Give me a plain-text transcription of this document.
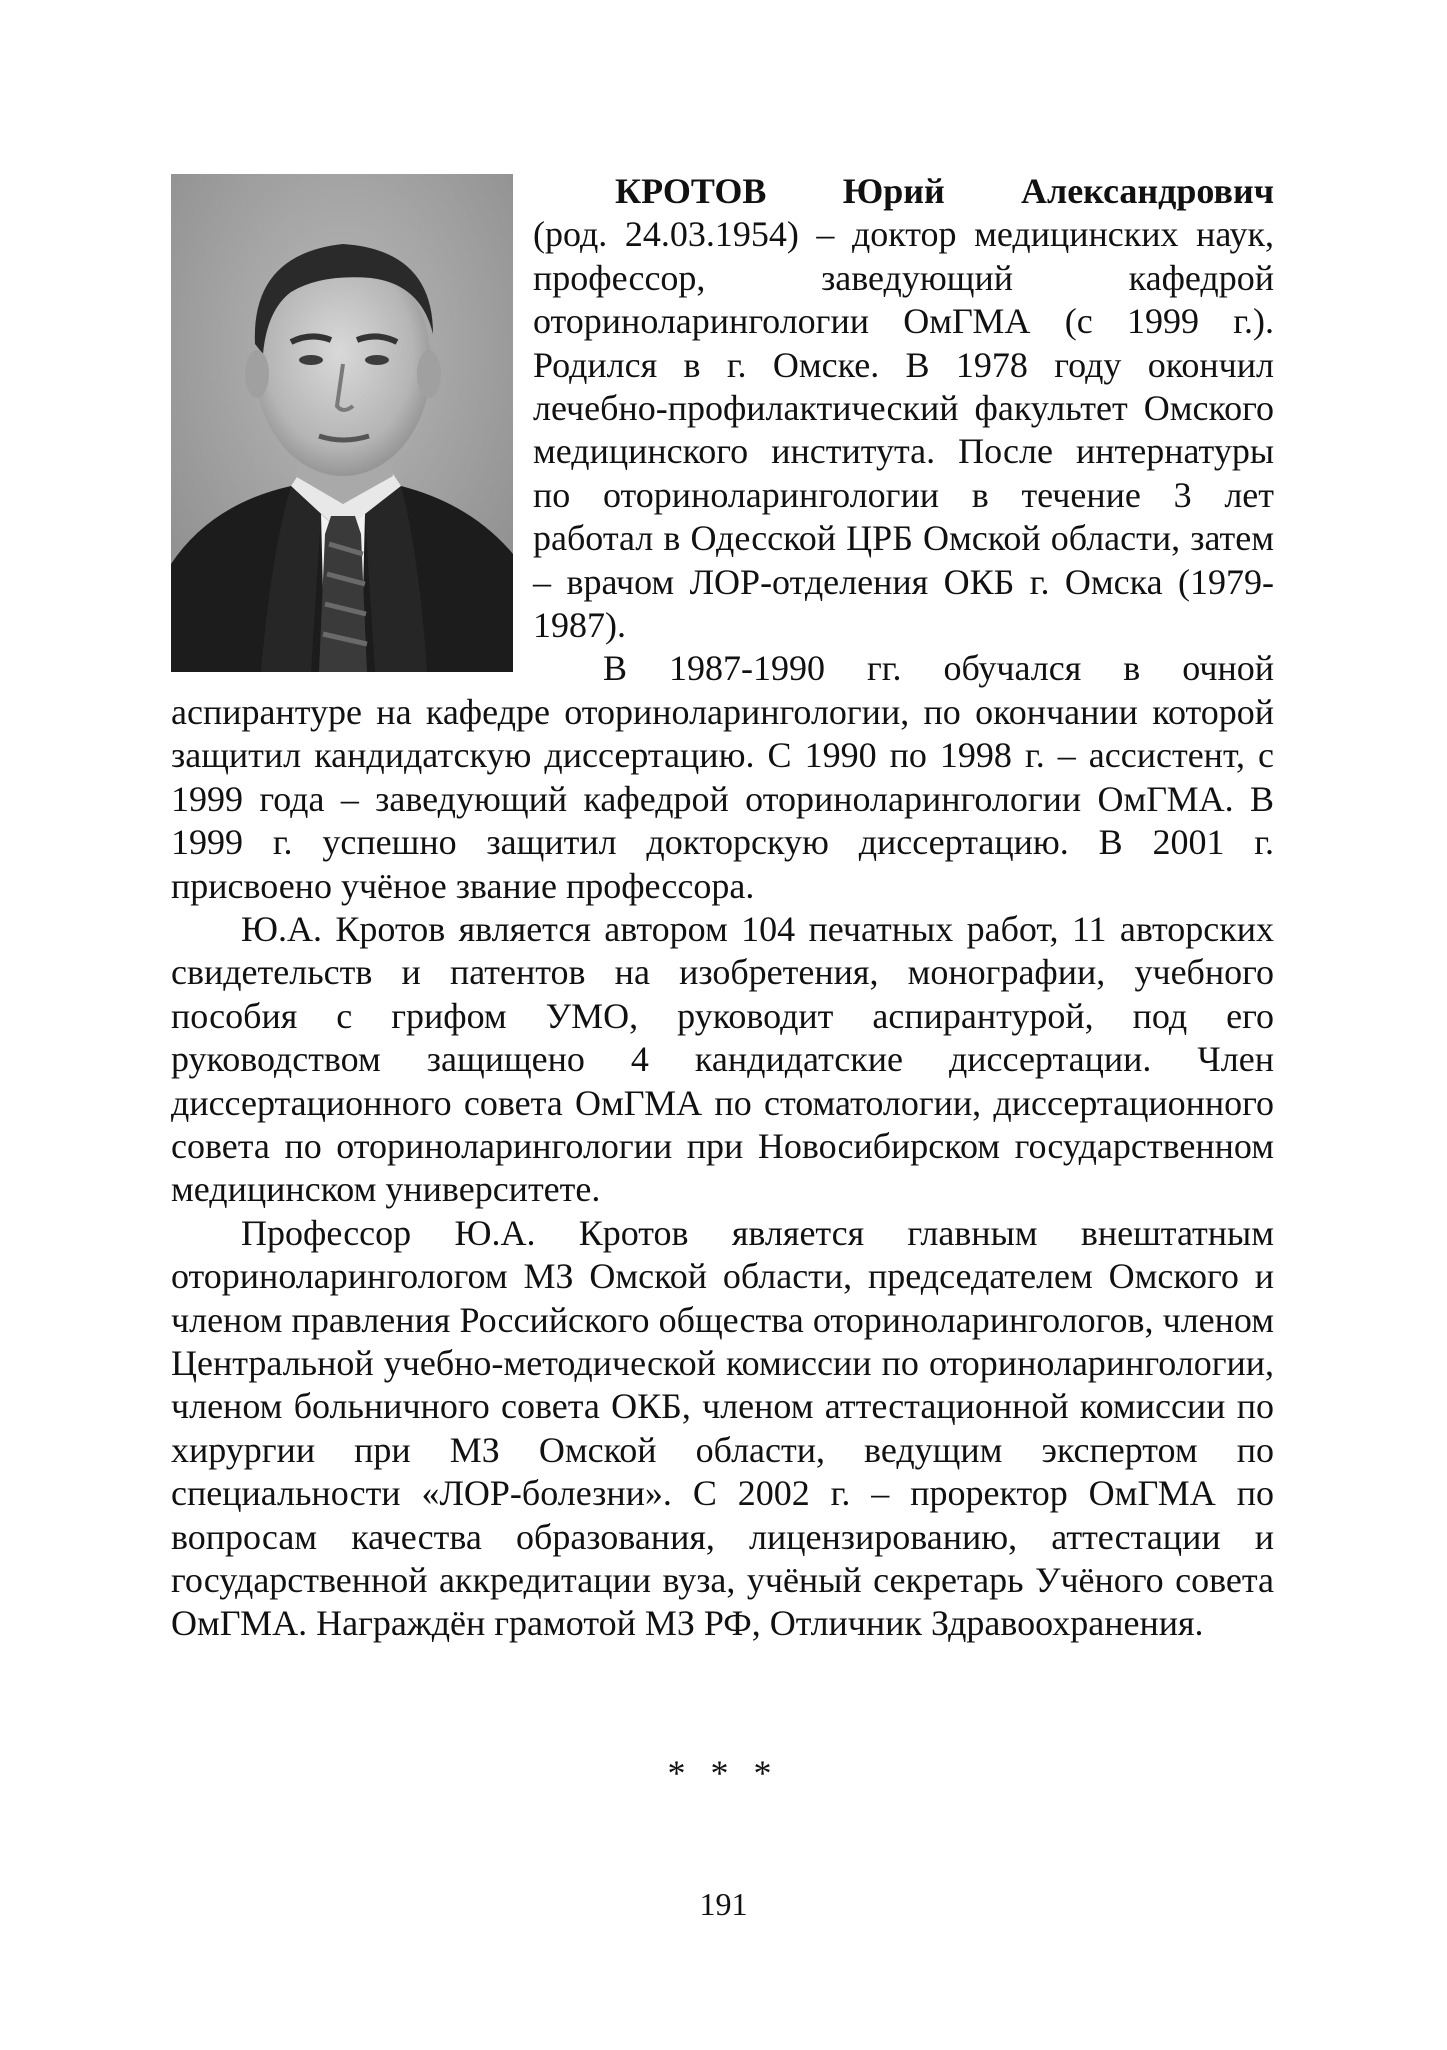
КРОТОВ Юрий Александрович (род. 24.03.1954) – доктор медицинских наук, профессор, заведующий кафедрой оториноларингологии ОмГМА (с 1999 г.). Родился в г. Омске. В 1978 году окончил лечебно-профилактический факультет Омского медицинского института. После интернатуры по оториноларингологии в течение 3 лет работал в Одесской ЦРБ Омской области, затем – врачом ЛОР-отделения ОКБ г. Омска (1979-1987).

В 1987-1990 гг. обучался в очной аспирантуре на кафедре оториноларингологии, по окончании которой защитил кандидатскую диссертацию. С 1990 по 1998 г. – ассистент, с 1999 года – заведующий кафедрой оториноларингологии ОмГМА. В 1999 г. успешно защитил докторскую диссертацию. В 2001 г. присвоено учёное звание профессора.

Ю.А. Кротов является автором 104 печатных работ, 11 авторских свидетельств и патентов на изобретения, монографии, учебного пособия с грифом УМО, руководит аспирантурой, под его руководством защищено 4 кандидатские диссертации. Член диссертационного совета ОмГМА по стоматологии, диссертационного совета по оториноларингологии при Новосибирском государственном медицинском университете.

Профессор Ю.А. Кротов является главным внештатным оториноларингологом МЗ Омской области, председателем Омского и членом правления Российского общества оториноларингологов, членом Центральной учебно-методической комиссии по оториноларингологии, членом больничного совета ОКБ, членом аттестационной комиссии по хирургии при МЗ Омской области, ведущим экспертом по специальности «ЛОР-болезни». С 2002 г. – проректор ОмГМА по вопросам качества образования, лицензированию, аттестации и государственной аккредитации вуза, учёный секретарь Учёного совета ОмГМА. Награждён грамотой МЗ РФ, Отличник Здравоохранения.

* * *
191
